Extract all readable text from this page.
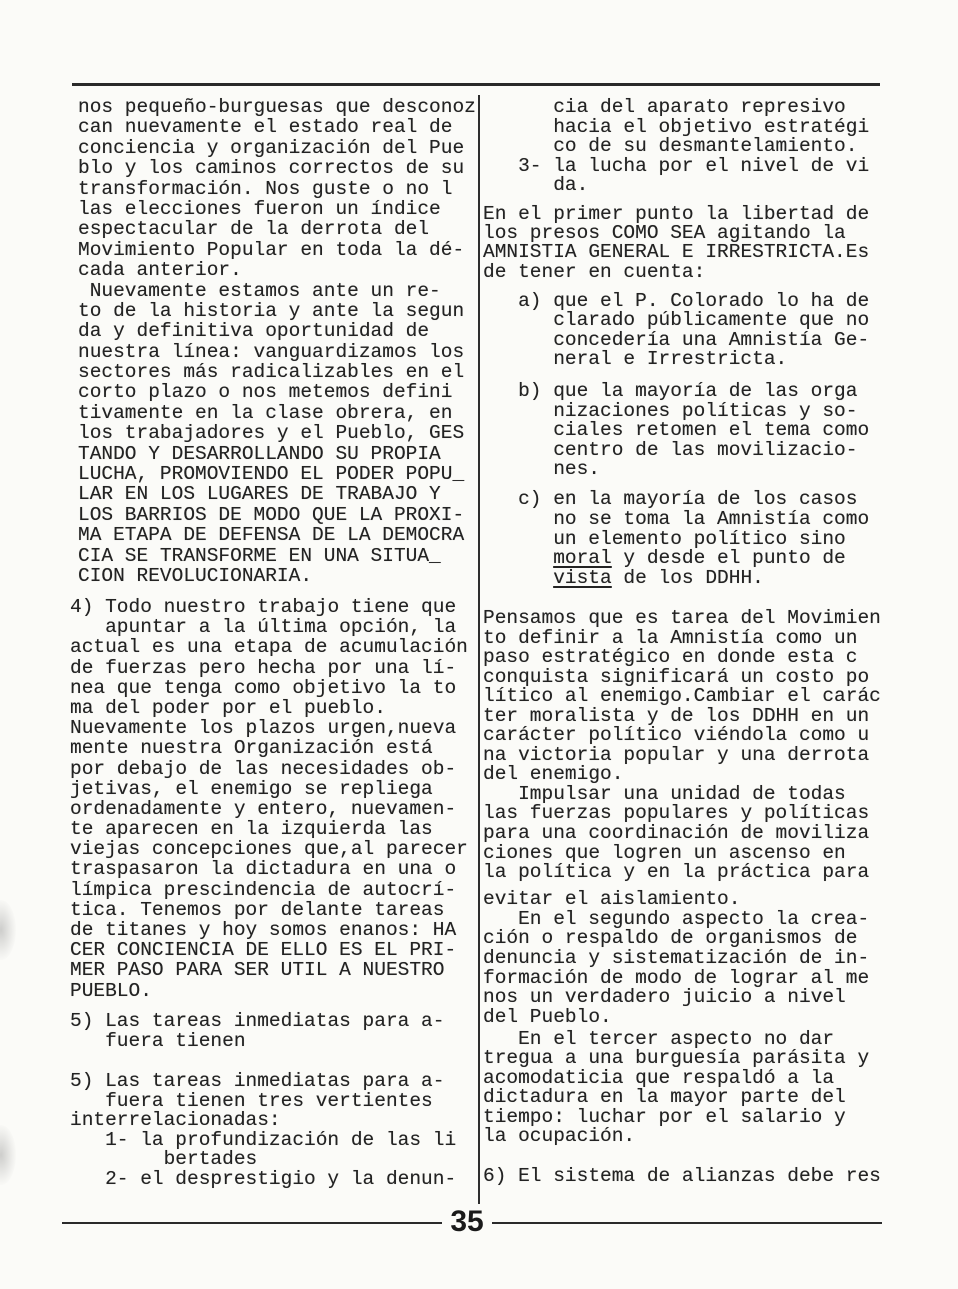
35
nos pequeño-burguesas que desconoz
can nuevamente el estado real de
conciencia y organización del Pue
blo y los caminos correctos de su
transformación. Nos guste o no l
las elecciones fueron un índice
espectacular de la derrota del
Movimiento Popular en toda la dé-
cada anterior.
Nuevamente estamos ante un re-
to de la historia y ante la segun
da y definitiva oportunidad de
nuestra línea: vanguardizamos los
sectores más radicalizables en el
corto plazo o nos metemos defini
tivamente en la clase obrera, en
los trabajadores y el Pueblo, GES
TANDO Y DESARROLLANDO SU PROPIA
LUCHA, PROMOVIENDO EL PODER POPU_
LAR EN LOS LUGARES DE TRABAJO Y
LOS BARRIOS DE MODO QUE LA PROXI-
MA ETAPA DE DEFENSA DE LA DEMOCRA
CIA SE TRANSFORME EN UNA SITUA_
CION REVOLUCIONARIA.
4) Todo nuestro trabajo tiene que
apuntar a la última opción, la
actual es una etapa de acumulación
de fuerzas pero hecha por una lí-
nea que tenga como objetivo la to
ma del poder por el pueblo.
Nuevamente los plazos urgen,nueva
mente nuestra Organización está
por debajo de las necesidades ob-
jetivas, el enemigo se repliega
ordenadamente y entero, nuevamen-
te aparecen en la izquierda las
viejas concepciones que,al parecer
traspasaron la dictadura en una o
límpica prescindencia de autocrí-
tica. Tenemos por delante tareas
de titanes y hoy somos enanos: HA
CER CONCIENCIA DE ELLO ES EL PRI-
MER PASO PARA SER UTIL A NUESTRO
PUEBLO.
5) Las tareas inmediatas para a-
fuera tienen
5) Las tareas inmediatas para a-
fuera tienen tres vertientes
interrelacionadas:
1- la profundización de las li
bertades
2- el desprestigio y la denun-
cia del aparato represivo
hacia el objetivo estratégi
co de su desmantelamiento.
3- la lucha por el nivel de vi
da.
En el primer punto la libertad de
los presos COMO SEA agitando la
AMNISTIA GENERAL E IRRESTRICTA.Es
de tener en cuenta:
a) que el P. Colorado lo ha de
clarado públicamente que no
concedería una Amnistía Ge-
neral e Irrestricta.
b) que la mayoría de las orga
nizaciones políticas y so-
ciales retomen el tema como
centro de las movilizacio-
nes.
c) en la mayoría de los casos
no se toma la Amnistía como
un elemento político sino
moral y desde el punto de
vista de los DDHH.
Pensamos que es tarea del Movimien
to definir a la Amnistía como un
paso estratégico en donde esta c
conquista significará un costo po
lítico al enemigo.Cambiar el carác
ter moralista y de los DDHH en un
carácter político viéndola como u
na victoria popular y una derrota
del enemigo.
Impulsar una unidad de todas
las fuerzas populares y políticas
para una coordinación de moviliza
ciones que logren un ascenso en
la política y en la práctica para
evitar el aislamiento.
En el segundo aspecto la crea-
ción o respaldo de organismos de
denuncia y sistematización de in-
formación de modo de lograr al me
nos un verdadero juicio a nivel
del Pueblo.
En el tercer aspecto no dar
tregua a una burguesía parásita y
acomodaticia que respaldó a la
dictadura en la mayor parte del
tiempo: luchar por el salario y
la ocupación.
6) El sistema de alianzas debe res
